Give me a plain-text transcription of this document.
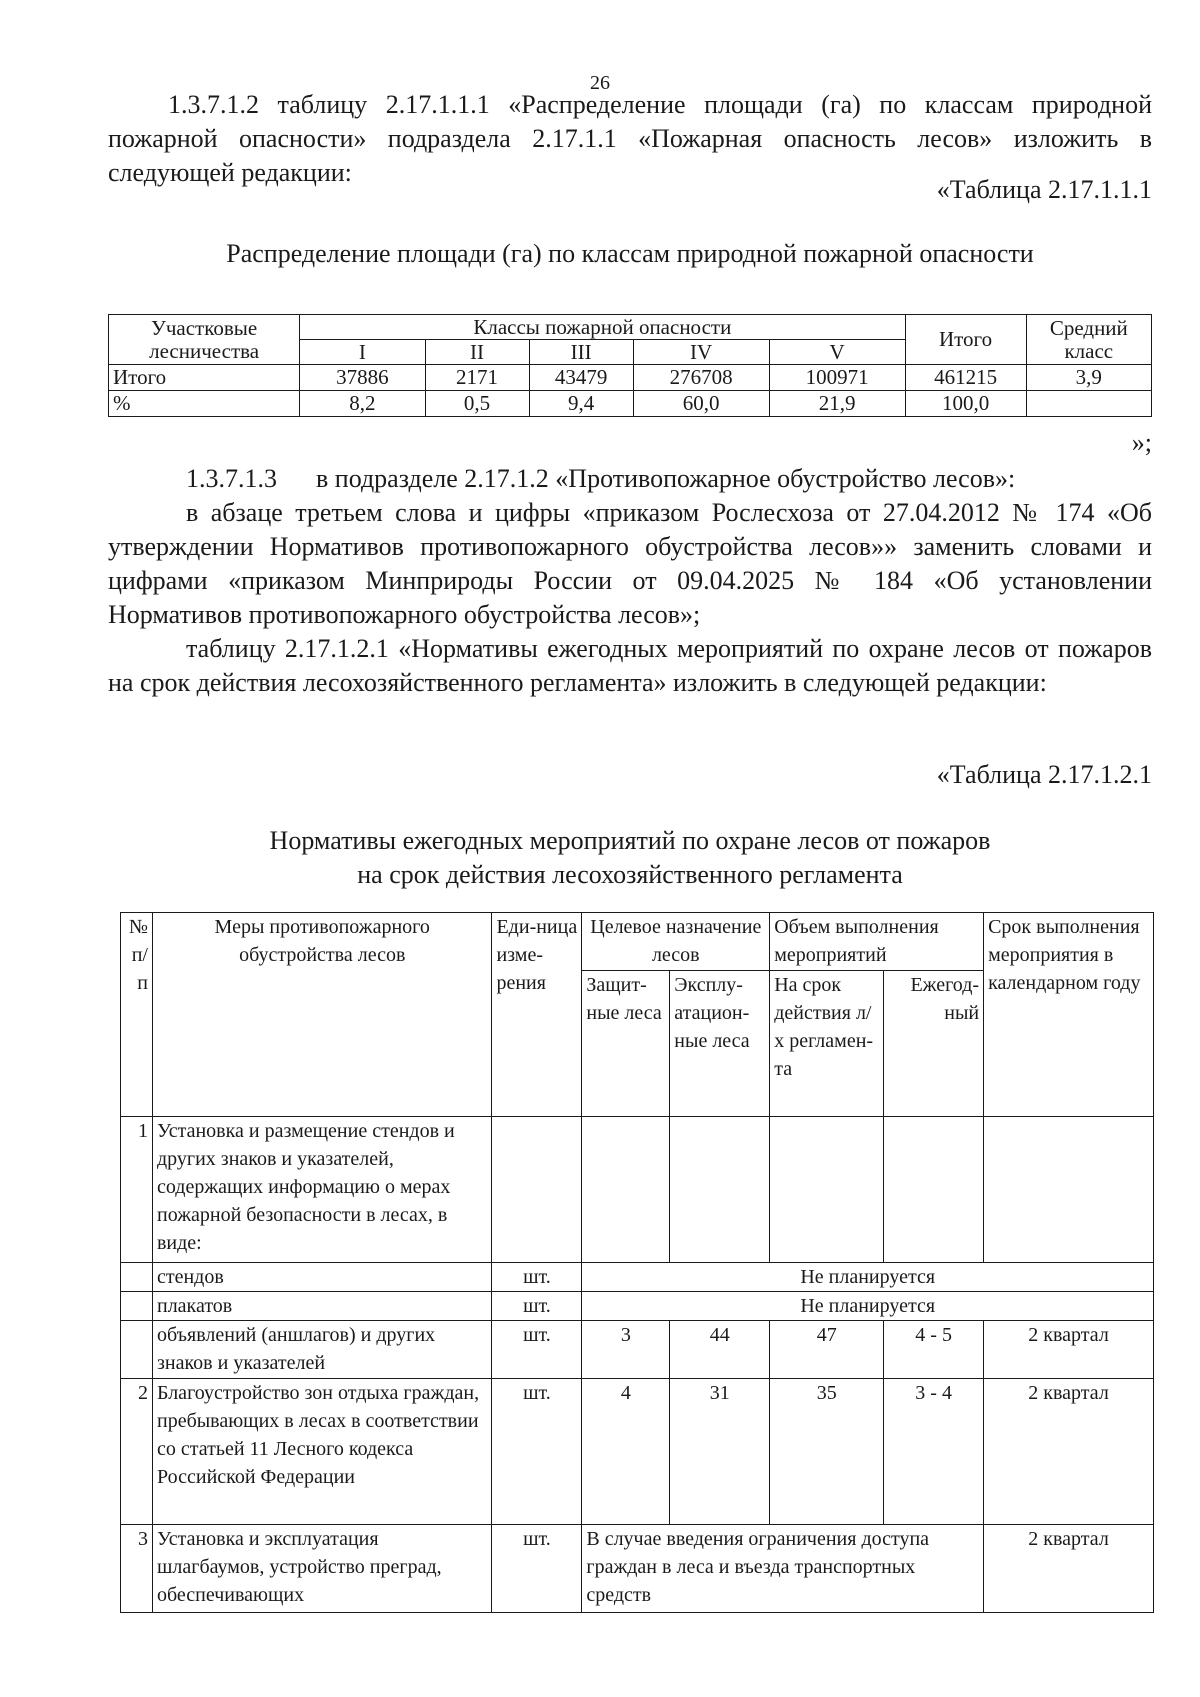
26
1.3.7.1.2 таблицу 2.17.1.1.1 «Распределение площади (га) по классам природной пожарной опасности» подраздела 2.17.1.1 «Пожарная опасность лесов» изложить в следующей редакции:
«Таблица 2.17.1.1.1
Распределение площади (га) по классам природной пожарной опасности
Участковые лесничества	Классы пожарной опасности					Итого	Средний класс
	I	II	III	IV	V		
Итого	37886	2171	43479	276708	100971	461215	3,9
%	8,2	0,5	9,4	60,0	21,9	100,0	
»;
1.3.7.1.3      в подразделе 2.17.1.2 «Противопожарное обустройство лесов»:
в абзаце третьем слова и цифры «приказом Рослесхоза от 27.04.2012 № 174 «Об утверждении Нормативов противопожарного обустройства лесов»» заменить словами и цифрами «приказом Минприроды России от 09.04.2025 № 184 «Об установлении Нормативов противопожарного обустройства лесов»;
таблицу 2.17.1.2.1 «Нормативы ежегодных мероприятий по охране лесов от пожаров на срок действия лесохозяйственного регламента» изложить в следующей редакции:
«Таблица 2.17.1.2.1
Нормативы ежегодных мероприятий по охране лесов от пожаров
на срок действия лесохозяйственного регламента
№ п/п	Меры противопожарного обустройства лесов	Еди-ница изме-рения	Целевое назначение лесов		Объем выполнения мероприятий		Срок выполнения мероприятия в календарном году
			Защит-ные леса	Эксплу-атацион-ные леса	На срок действия л/х регламен-та	Ежегод-ный	
1	Установка и размещение стендов и других знаков и указателей, содержащих информацию о мерах пожарной безопасности в лесах, в виде:						
	стендов	шт.	Не планируется				
	плакатов	шт.	Не планируется				
	объявлений (аншлагов) и других знаков и указателей	шт.	3	44	47	4 - 5	2 квартал
2	Благоустройство зон отдыха граждан, пребывающих в лесах в соответствии со статьей 11 Лесного кодекса Российской Федерации	шт.	4	31	35	3 - 4	2 квартал
3	Установка и эксплуатация шлагбаумов, устройство преград, обеспечивающих	шт.	В случае введения ограничения доступа граждан в леса и въезда транспортных средств				2 квартал
